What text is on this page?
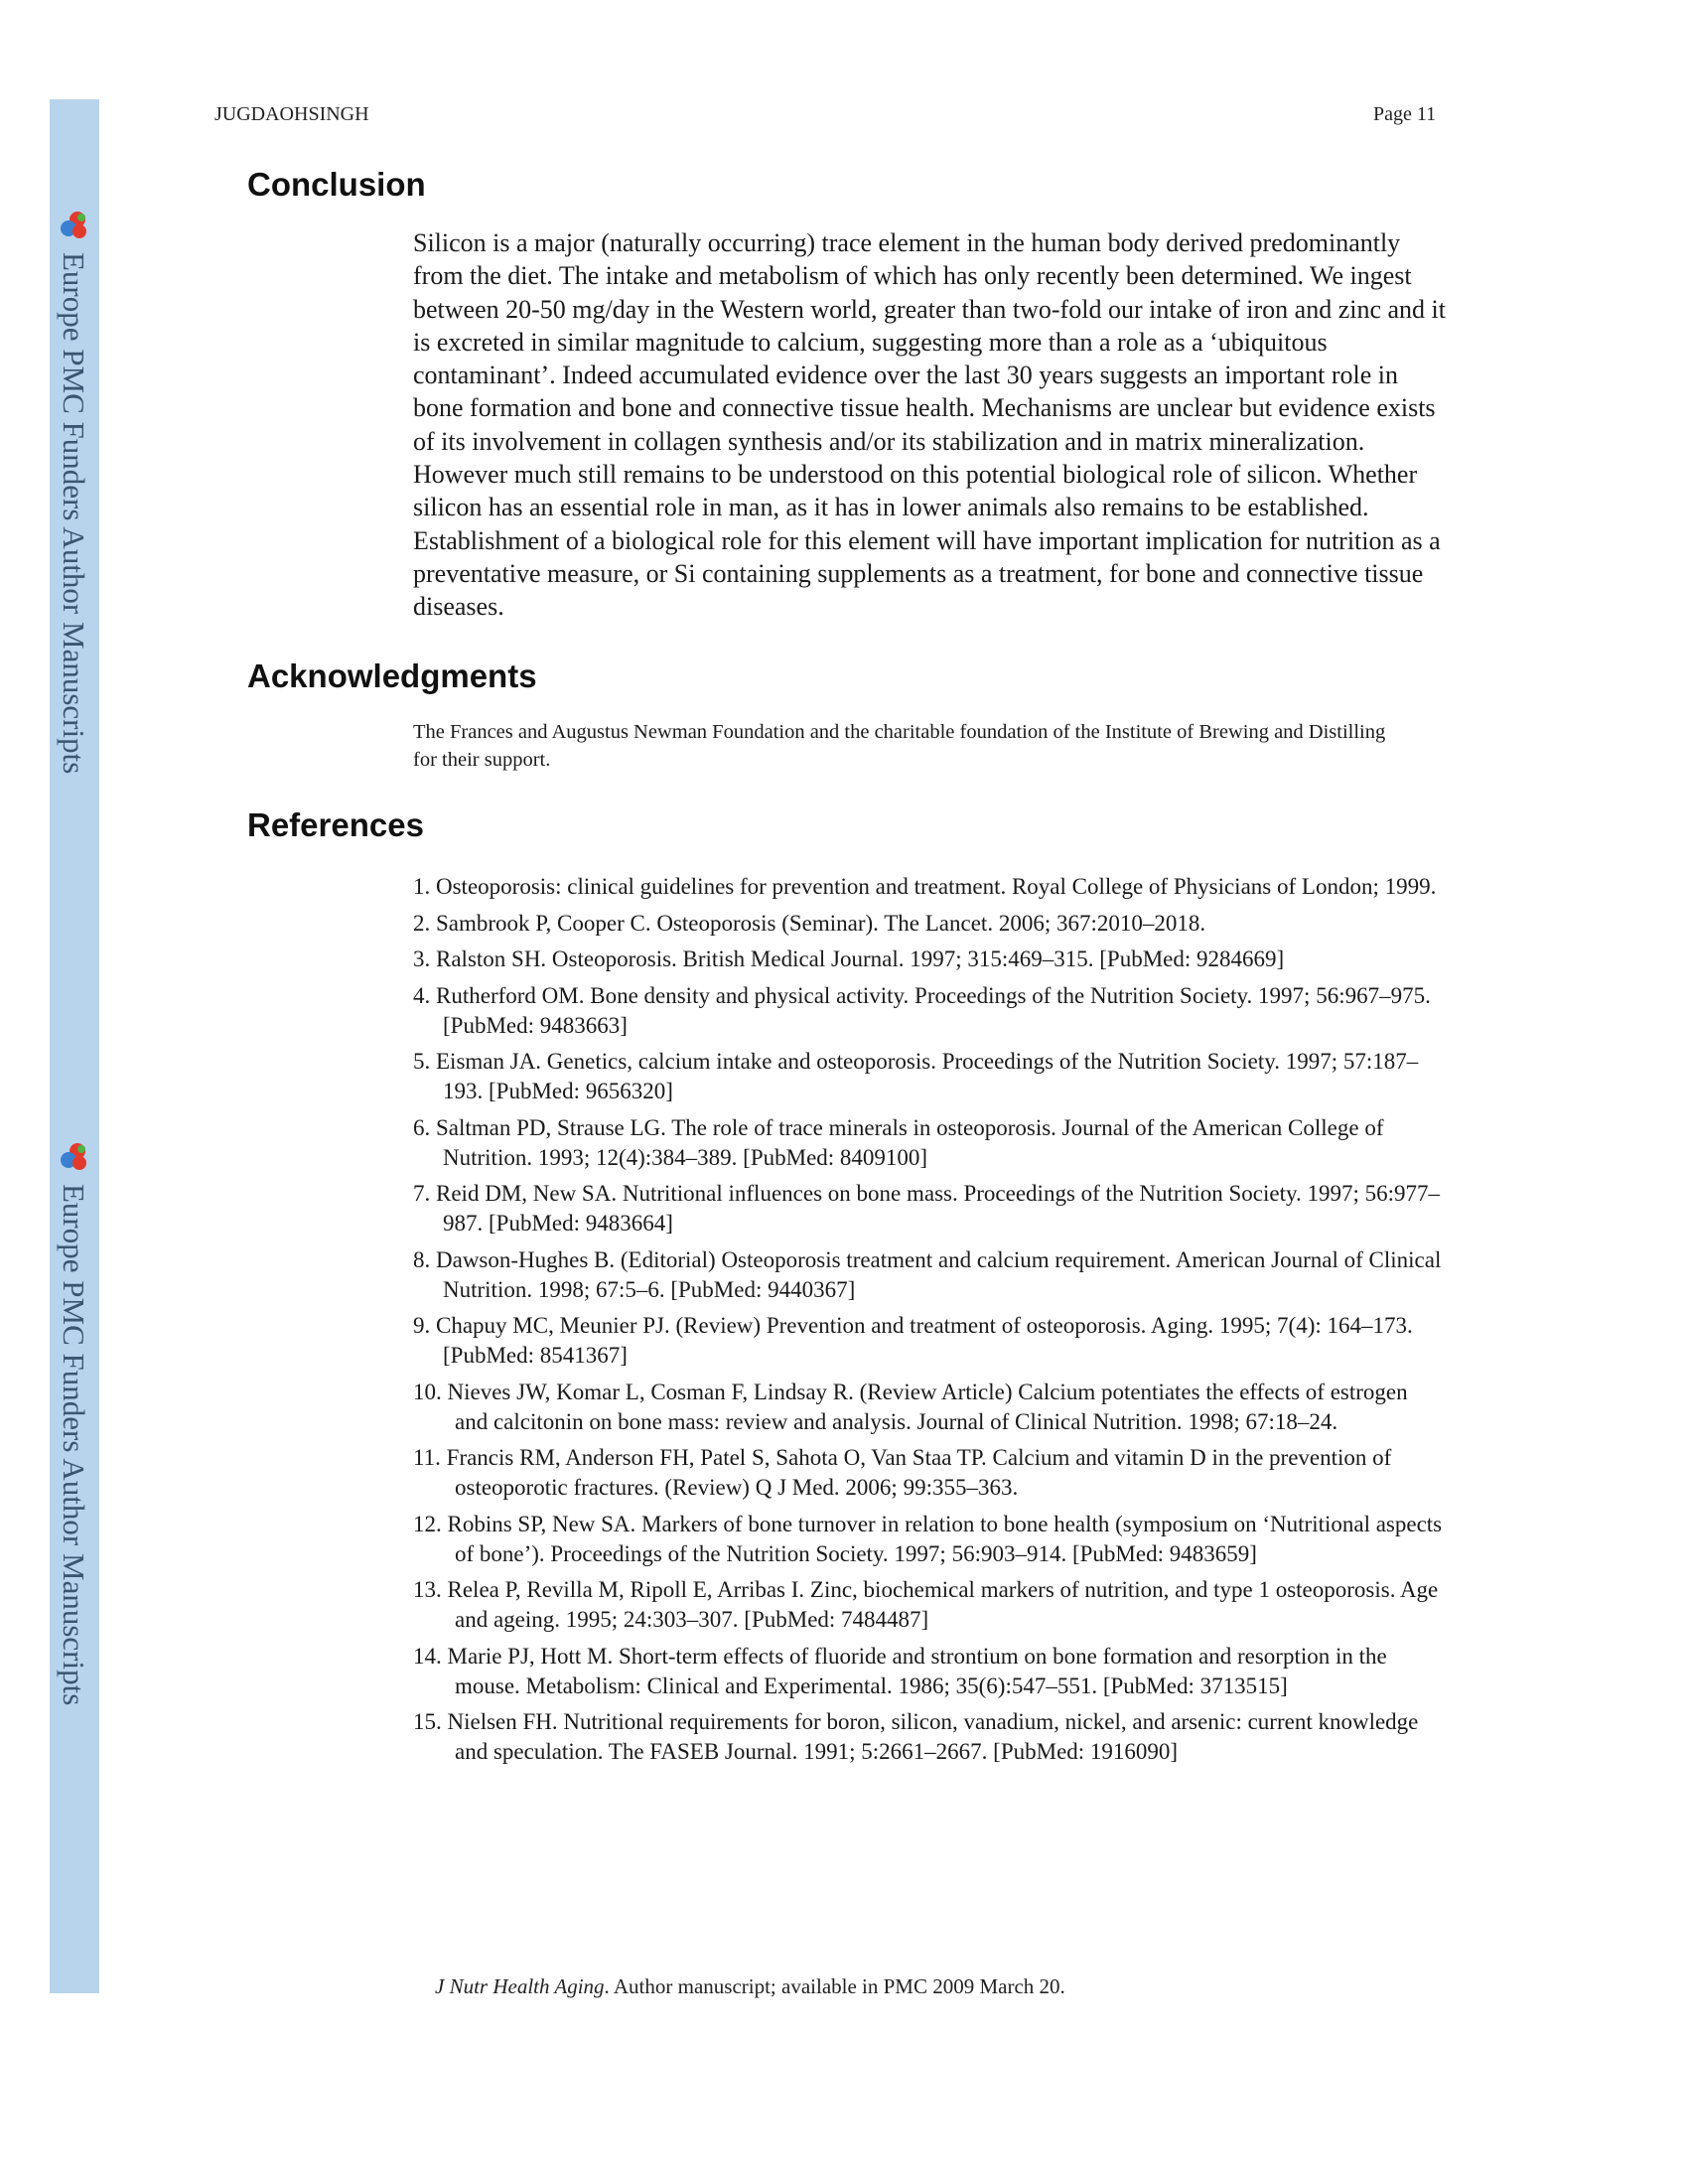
Europe PMC Funders Author Manuscripts
Europe PMC Funders Author Manuscripts
JUGDAOHSINGH	Page 11
Conclusion

Silicon is a major (naturally occurring) trace element in the human body derived predominantly from the diet. The intake and metabolism of which has only recently been determined. We ingest between 20-50 mg/day in the Western world, greater than two-fold our intake of iron and zinc and it is excreted in similar magnitude to calcium, suggesting more than a role as a ‘ubiquitous contaminant’. Indeed accumulated evidence over the last 30 years suggests an important role in bone formation and bone and connective tissue health. Mechanisms are unclear but evidence exists of its involvement in collagen synthesis and/or its stabilization and in matrix mineralization. However much still remains to be understood on this potential biological role of silicon. Whether silicon has an essential role in man, as it has in lower animals also remains to be established. Establishment of a biological role for this element will have important implication for nutrition as a preventative measure, or Si containing supplements as a treatment, for bone and connective tissue diseases.

Acknowledgments

The Frances and Augustus Newman Foundation and the charitable foundation of the Institute of Brewing and Distilling for their support.

References
1. Osteoporosis: clinical guidelines for prevention and treatment. Royal College of Physicians of London; 1999.
2. Sambrook P, Cooper C. Osteoporosis (Seminar). The Lancet. 2006; 367:2010–2018.
3. Ralston SH. Osteoporosis. British Medical Journal. 1997; 315:469–315. [PubMed: 9284669]
4. Rutherford OM. Bone density and physical activity. Proceedings of the Nutrition Society. 1997; 56:967–975. [PubMed: 9483663]
5. Eisman JA. Genetics, calcium intake and osteoporosis. Proceedings of the Nutrition Society. 1997; 57:187–193. [PubMed: 9656320]
6. Saltman PD, Strause LG. The role of trace minerals in osteoporosis. Journal of the American College of Nutrition. 1993; 12(4):384–389. [PubMed: 8409100]
7. Reid DM, New SA. Nutritional influences on bone mass. Proceedings of the Nutrition Society. 1997; 56:977–987. [PubMed: 9483664]
8. Dawson-Hughes B. (Editorial) Osteoporosis treatment and calcium requirement. American Journal of Clinical Nutrition. 1998; 67:5–6. [PubMed: 9440367]
9. Chapuy MC, Meunier PJ. (Review) Prevention and treatment of osteoporosis. Aging. 1995; 7(4): 164–173. [PubMed: 8541367]
10. Nieves JW, Komar L, Cosman F, Lindsay R. (Review Article) Calcium potentiates the effects of estrogen and calcitonin on bone mass: review and analysis. Journal of Clinical Nutrition. 1998; 67:18–24.
11. Francis RM, Anderson FH, Patel S, Sahota O, Van Staa TP. Calcium and vitamin D in the prevention of osteoporotic fractures. (Review) Q J Med. 2006; 99:355–363.
12. Robins SP, New SA. Markers of bone turnover in relation to bone health (symposium on ‘Nutritional aspects of bone’). Proceedings of the Nutrition Society. 1997; 56:903–914. [PubMed: 9483659]
13. Relea P, Revilla M, Ripoll E, Arribas I. Zinc, biochemical markers of nutrition, and type 1 osteoporosis. Age and ageing. 1995; 24:303–307. [PubMed: 7484487]
14. Marie PJ, Hott M. Short-term effects of fluoride and strontium on bone formation and resorption in the mouse. Metabolism: Clinical and Experimental. 1986; 35(6):547–551. [PubMed: 3713515]
15. Nielsen FH. Nutritional requirements for boron, silicon, vanadium, nickel, and arsenic: current knowledge and speculation. The FASEB Journal. 1991; 5:2661–2667. [PubMed: 1916090]
J Nutr Health Aging. Author manuscript; available in PMC 2009 March 20.
